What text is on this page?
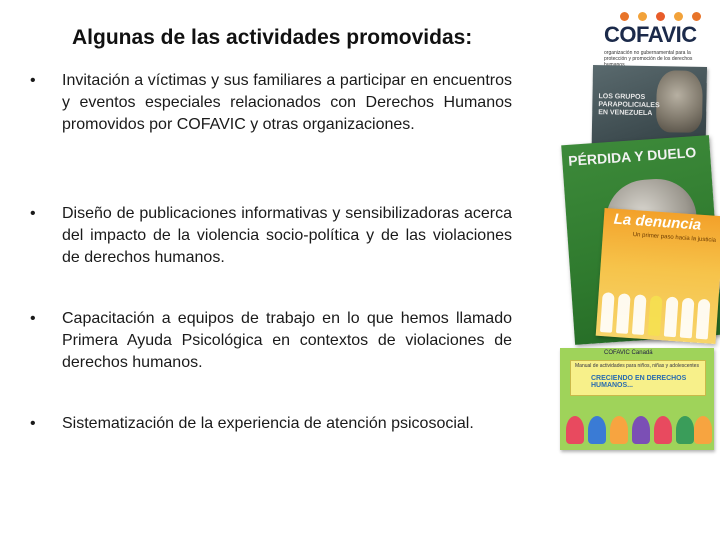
Algunas de las actividades promovidas:
•	Invitación a víctimas y sus familiares a participar en encuentros y eventos especiales relacionados con Derechos Humanos promovidos por COFAVIC y otras organizaciones.
•	Diseño de publicaciones informativas y sensibilizadoras acerca del impacto de la violencia socio-política y de las violaciones de derechos humanos.
•	Capacitación a equipos de trabajo en lo que hemos llamado Primera Ayuda Psicológica en contextos de violaciones de derechos humanos.
•	Sistematización de la experiencia de atención psicosocial.
COFAVIC
organización no gubernamental para la protección y promoción de los derechos
LOS GRUPOS PARAPOLICIALES EN VENEZUELA
PÉRDIDA Y DUELO
La denuncia
Un primer paso hacia la justicia
COFAVIC Canadá
Manual de actividades para niños, niñas y adolescentes
CRECIENDO EN DERECHOS HUMANOS...
